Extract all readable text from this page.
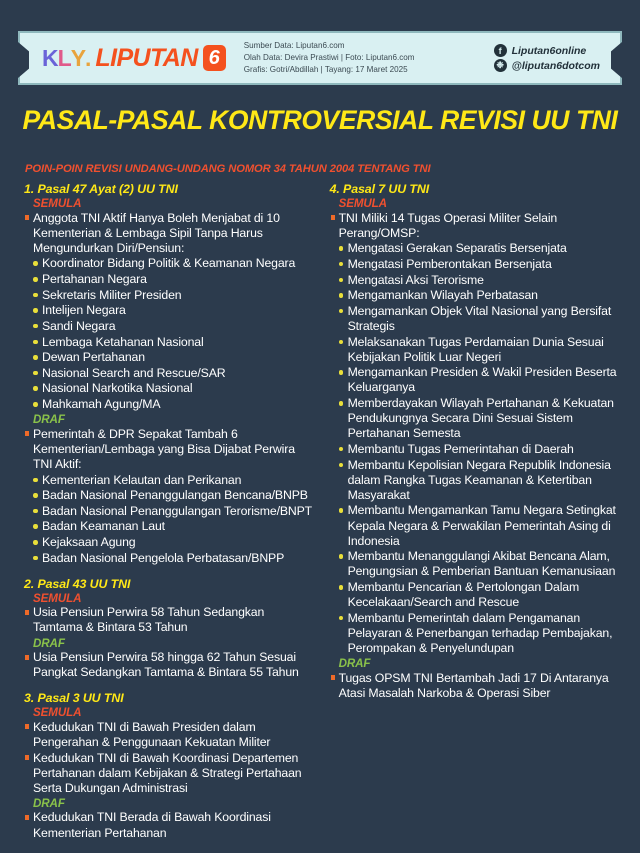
K L Y . LIPUTAN 6
Sumber Data: Liputan6.com
Olah Data: Devira Prastiwi | Foto: Liputan6.com
Grafis: Gotri/Abdillah | Tayang: 17 Maret 2025
f Liputan6online
❉ @liputan6dotcom
PASAL-PASAL KONTROVERSIAL REVISI UU TNI
POIN-POIN REVISI UNDANG-UNDANG NOMOR 34 TAHUN 2004 TENTANG TNI
1. Pasal 47 Ayat (2) UU TNI
SEMULA
Anggota TNI Aktif Hanya Boleh Menjabat di 10 Kementerian & Lembaga Sipil Tanpa Harus Mengundurkan Diri/Pensiun:
Koordinator Bidang Politik & Keamanan Negara
Pertahanan Negara
Sekretaris Militer Presiden
Intelijen Negara
Sandi Negara
Lembaga Ketahanan Nasional
Dewan Pertahanan
Nasional Search and Rescue/SAR
Nasional Narkotika Nasional
Mahkamah Agung/MA
DRAF
Pemerintah & DPR Sepakat Tambah 6 Kementerian/Lembaga yang Bisa Dijabat Perwira TNI Aktif:
Kementerian Kelautan dan Perikanan
Badan Nasional Penanggulangan Bencana/BNPB
Badan Nasional Penanggulangan Terorisme/BNPT
Badan Keamanan Laut
Kejaksaan Agung
Badan Nasional Pengelola Perbatasan/BNPP
2. Pasal 43 UU TNI
SEMULA
Usia Pensiun Perwira 58 Tahun Sedangkan Tamtama & Bintara 53 Tahun
DRAF
Usia Pensiun Perwira 58 hingga 62 Tahun Sesuai Pangkat Sedangkan Tamtama & Bintara 55 Tahun
3. Pasal 3 UU TNI
SEMULA
Kedudukan TNI di Bawah Presiden dalam Pengerahan & Penggunaan Kekuatan Militer
Kedudukan TNI di Bawah Koordinasi Departemen Pertahanan dalam Kebijakan & Strategi Pertahaan Serta Dukungan Administrasi
DRAF
Kedudukan TNI Berada di Bawah Koordinasi Kementerian Pertahanan
4. Pasal 7 UU TNI
SEMULA
TNI Miliki 14 Tugas Operasi Militer Selain Perang/OMSP:
Mengatasi Gerakan Separatis Bersenjata
Mengatasi Pemberontakan Bersenjata
Mengatasi Aksi Terorisme
Mengamankan Wilayah Perbatasan
Mengamankan Objek Vital Nasional yang Bersifat Strategis
Melaksanakan Tugas Perdamaian Dunia Sesuai Kebijakan Politik Luar Negeri
Mengamankan Presiden & Wakil Presiden Beserta Keluarganya
Memberdayakan Wilayah Pertahanan & Kekuatan Pendukungnya Secara Dini Sesuai Sistem Pertahanan Semesta
Membantu Tugas Pemerintahan di Daerah
Membantu Kepolisian Negara Republik Indonesia dalam Rangka Tugas Keamanan & Ketertiban Masyarakat
Membantu Mengamankan Tamu Negara Setingkat Kepala Negara & Perwakilan Pemerintah Asing di Indonesia
Membantu Menanggulangi Akibat Bencana Alam, Pengungsian & Pemberian Bantuan Kemanusiaan
Membantu Pencarian & Pertolongan Dalam Kecelakaan/Search and Rescue
Membantu Pemerintah dalam Pengamanan Pelayaran & Penerbangan terhadap Pembajakan, Perompakan & Penyelundupan
DRAF
Tugas OPSM TNI Bertambah Jadi 17 Di Antaranya Atasi Masalah Narkoba & Operasi Siber
